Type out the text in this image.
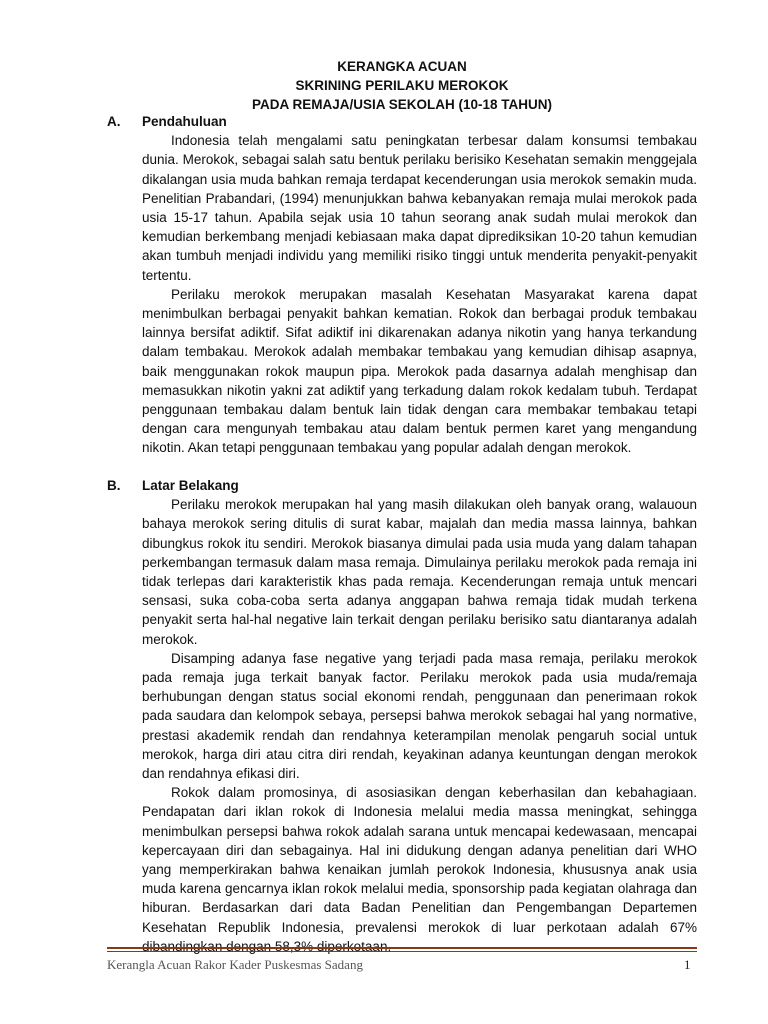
KERANGKA ACUAN
SKRINING PERILAKU MEROKOK
PADA REMAJA/USIA SEKOLAH (10-18 TAHUN)
A. Pendahuluan

Indonesia telah mengalami satu peningkatan terbesar dalam konsumsi tembakau dunia. Merokok, sebagai salah satu bentuk perilaku berisiko Kesehatan semakin menggejala dikalangan usia muda bahkan remaja terdapat kecenderungan usia merokok semakin muda. Penelitian Prabandari, (1994) menunjukkan bahwa kebanyakan remaja mulai merokok pada usia 15-17 tahun. Apabila sejak usia 10 tahun seorang anak sudah mulai merokok dan kemudian berkembang menjadi kebiasaan maka dapat diprediksikan 10-20 tahun kemudian akan tumbuh menjadi individu yang memiliki risiko tinggi untuk menderita penyakit-penyakit tertentu.

Perilaku merokok merupakan masalah Kesehatan Masyarakat karena dapat menimbulkan berbagai penyakit bahkan kematian. Rokok dan berbagai produk tembakau lainnya bersifat adiktif. Sifat adiktif ini dikarenakan adanya nikotin yang hanya terkandung dalam tembakau. Merokok adalah membakar tembakau yang kemudian dihisap asapnya, baik menggunakan rokok maupun pipa. Merokok pada dasarnya adalah menghisap dan memasukkan nikotin yakni zat adiktif yang terkadung dalam rokok kedalam tubuh. Terdapat penggunaan tembakau dalam bentuk lain tidak dengan cara membakar tembakau tetapi dengan cara mengunyah tembakau atau dalam bentuk permen karet yang mengandung nikotin. Akan tetapi penggunaan tembakau yang popular adalah dengan merokok.

B. Latar Belakang

Perilaku merokok merupakan hal yang masih dilakukan oleh banyak orang, walauoun bahaya merokok sering ditulis di surat kabar, majalah dan media massa lainnya, bahkan dibungkus rokok itu sendiri. Merokok biasanya dimulai pada usia muda yang dalam tahapan perkembangan termasuk dalam masa remaja. Dimulainya perilaku merokok pada remaja ini tidak terlepas dari karakteristik khas pada remaja. Kecenderungan remaja untuk mencari sensasi, suka coba-coba serta adanya anggapan bahwa remaja tidak mudah terkena penyakit serta hal-hal negative lain terkait dengan perilaku berisiko satu diantaranya adalah merokok.

Disamping adanya fase negative yang terjadi pada masa remaja, perilaku merokok pada remaja juga terkait banyak factor. Perilaku merokok pada usia muda/remaja berhubungan dengan status social ekonomi rendah, penggunaan dan penerimaan rokok pada saudara dan kelompok sebaya, persepsi bahwa merokok sebagai hal yang normative, prestasi akademik rendah dan rendahnya keterampilan menolak pengaruh social untuk merokok, harga diri atau citra diri rendah, keyakinan adanya keuntungan dengan merokok dan rendahnya efikasi diri.

Rokok dalam promosinya, di asosiasikan dengan keberhasilan dan kebahagiaan. Pendapatan dari iklan rokok di Indonesia melalui media massa meningkat, sehingga menimbulkan persepsi bahwa rokok adalah sarana untuk mencapai kedewasaan, mencapai kepercayaan diri dan sebagainya. Hal ini didukung dengan adanya penelitian dari WHO yang memperkirakan bahwa kenaikan jumlah perokok Indonesia, khususnya anak usia muda karena gencarnya iklan rokok melalui media, sponsorship pada kegiatan olahraga dan hiburan. Berdasarkan dari data Badan Penelitian dan Pengembangan Departemen Kesehatan Republik Indonesia, prevalensi merokok di luar perkotaan adalah 67% dibandingkan dengan 58,3% diperkotaan.

Kerangla Acuan Rakor Kader Puskesmas Sadang	1
